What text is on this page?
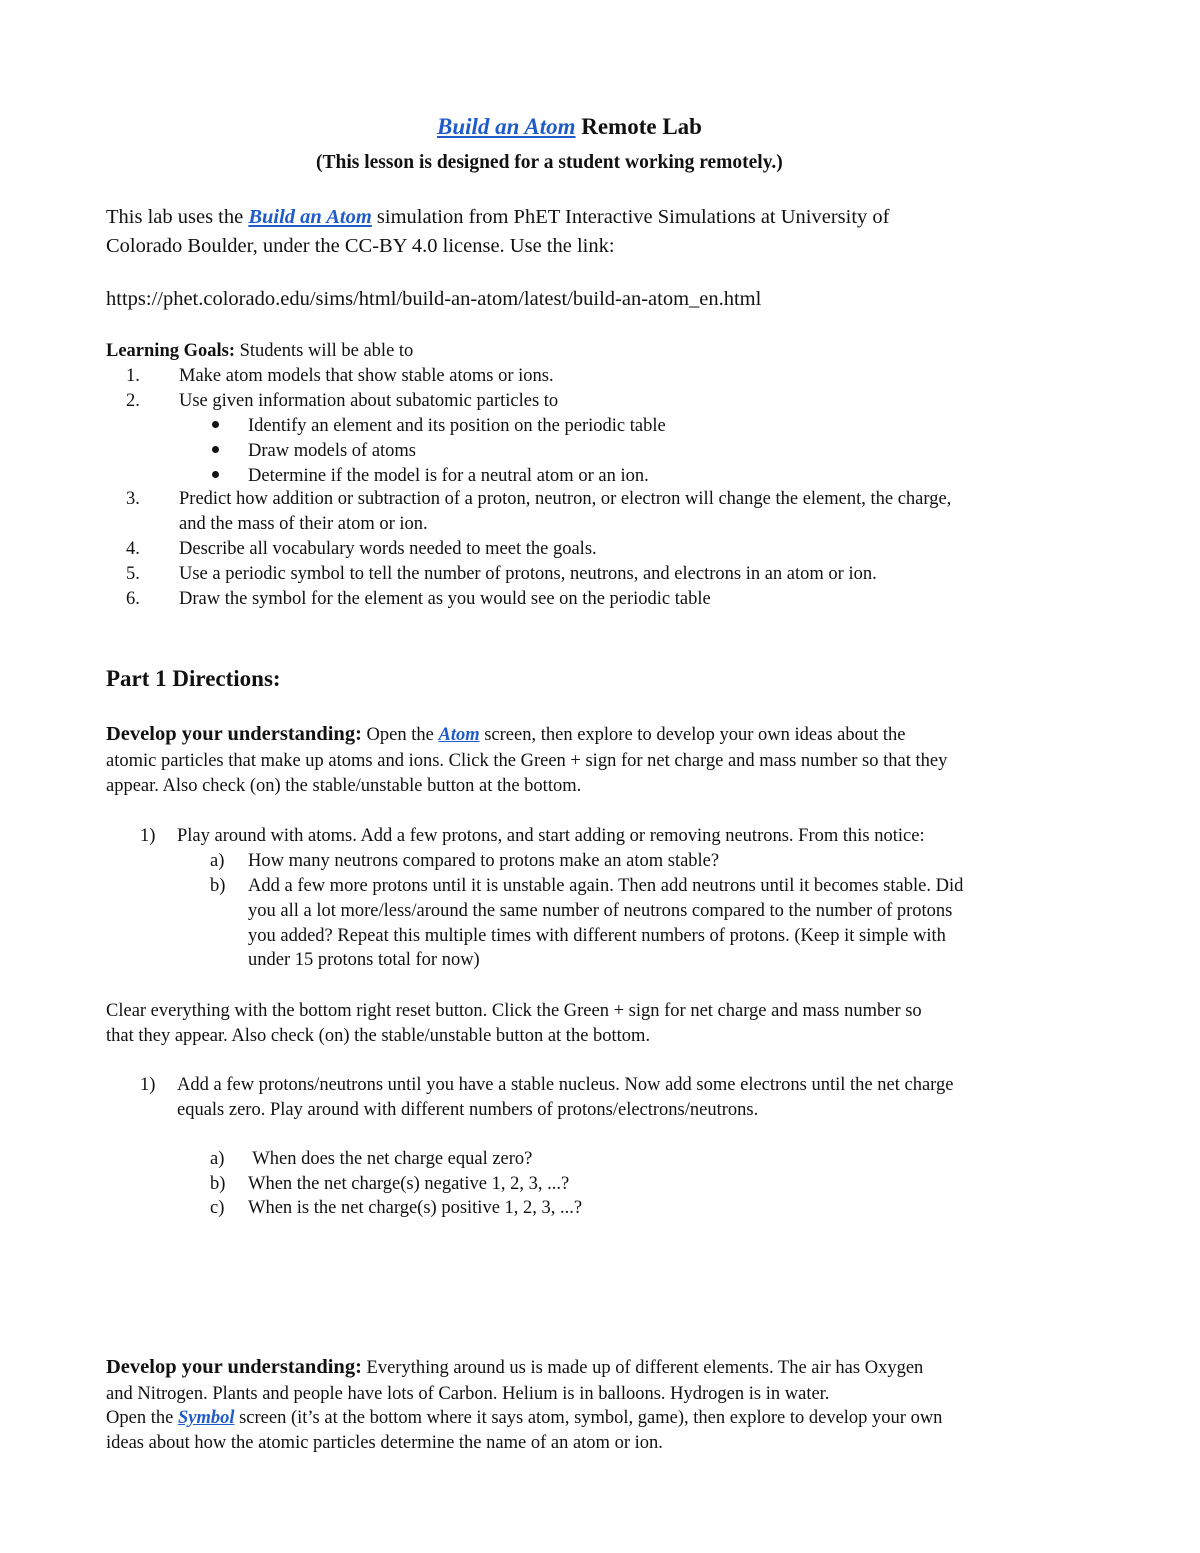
Build an Atom Remote Lab
(This lesson is designed for a student working remotely.)
This lab uses the Build an Atom simulation from PhET Interactive Simulations at University of
Colorado Boulder, under the CC-BY 4.0 license. Use the link:
https://phet.colorado.edu/sims/html/build-an-atom/latest/build-an-atom_en.html
Learning Goals: Students will be able to
1. Make atom models that show stable atoms or ions.
2. Use given information about subatomic particles to
Identify an element and its position on the periodic table
Draw models of atoms
Determine if the model is for a neutral atom or an ion.
3. Predict how addition or subtraction of a proton, neutron, or electron will change the element, the charge,
and the mass of their atom or ion.
4. Describe all vocabulary words needed to meet the goals.
5. Use a periodic symbol to tell the number of protons, neutrons, and electrons in an atom or ion.
6. Draw the symbol for the element as you would see on the periodic table
Part 1 Directions:
Develop your understanding: Open the Atom screen, then explore to develop your own ideas about the
atomic particles that make up atoms and ions. Click the Green + sign for net charge and mass number so that they
appear. Also check (on) the stable/unstable button at the bottom.
1) Play around with atoms. Add a few protons, and start adding or removing neutrons. From this notice:
a) How many neutrons compared to protons make an atom stable?
b) Add a few more protons until it is unstable again. Then add neutrons until it becomes stable. Did
you all a lot more/less/around the same number of neutrons compared to the number of protons
you added? Repeat this multiple times with different numbers of protons. (Keep it simple with
under 15 protons total for now)
Clear everything with the bottom right reset button. Click the Green + sign for net charge and mass number so
that they appear. Also check (on) the stable/unstable button at the bottom.
1) Add a few protons/neutrons until you have a stable nucleus. Now add some electrons until the net charge
equals zero. Play around with different numbers of protons/electrons/neutrons.
a) When does the net charge equal zero?
b) When the net charge(s) negative 1, 2, 3, ...?
c) When is the net charge(s) positive 1, 2, 3, ...?
Develop your understanding: Everything around us is made up of different elements. The air has Oxygen
and Nitrogen. Plants and people have lots of Carbon. Helium is in balloons. Hydrogen is in water.
Open the Symbol screen (it’s at the bottom where it says atom, symbol, game), then explore to develop your own
ideas about how the atomic particles determine the name of an atom or ion.
